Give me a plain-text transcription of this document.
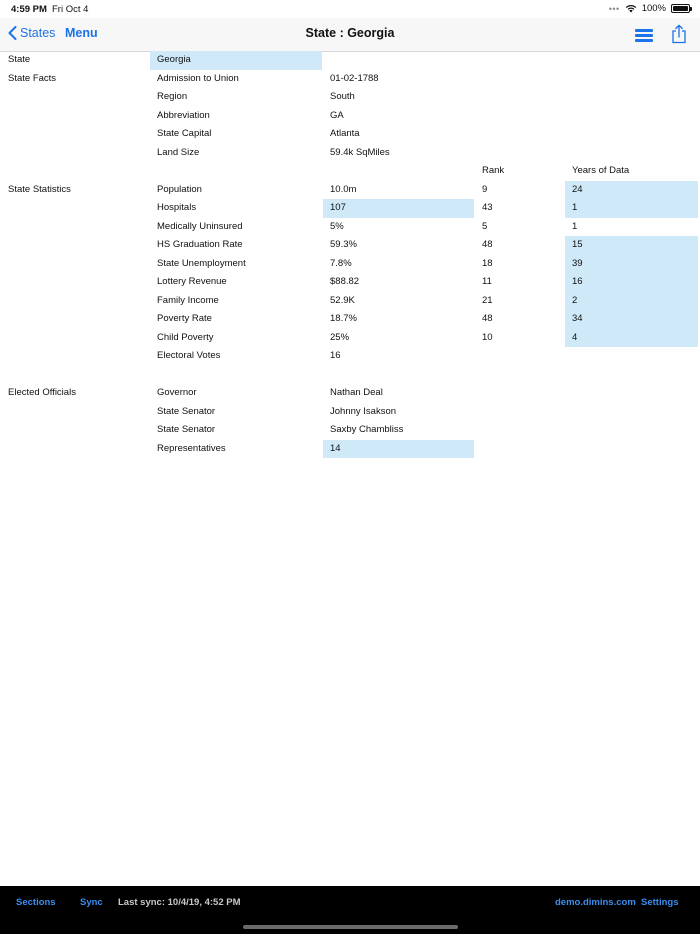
4:59 PM Fri Oct 4	••• 100%
States Menu	State : Georgia
State	Georgia
State Facts	Admission to Union	01-02-1788
Region	South
Abbreviation	GA
State Capital	Atlanta
Land Size	59.4k SqMiles
Rank	Years of Data
State Statistics	Population	10.0m	9	24
Hospitals	107	43	1
Medically Uninsured	5%	5	1
HS Graduation Rate	59.3%	48	15
State Unemployment	7.8%	18	39
Lottery Revenue	$88.82	11	16
Family Income	52.9K	21	2
Poverty Rate	18.7%	48	34
Child Poverty	25%	10	4
Electoral Votes	16
Elected Officials	Governor	Nathan Deal
State Senator	Johnny Isakson
State Senator	Saxby Chambliss
Representatives	14
Sections	Sync Last sync: 10/4/19, 4:52 PM	demo.dimins.com Settings
